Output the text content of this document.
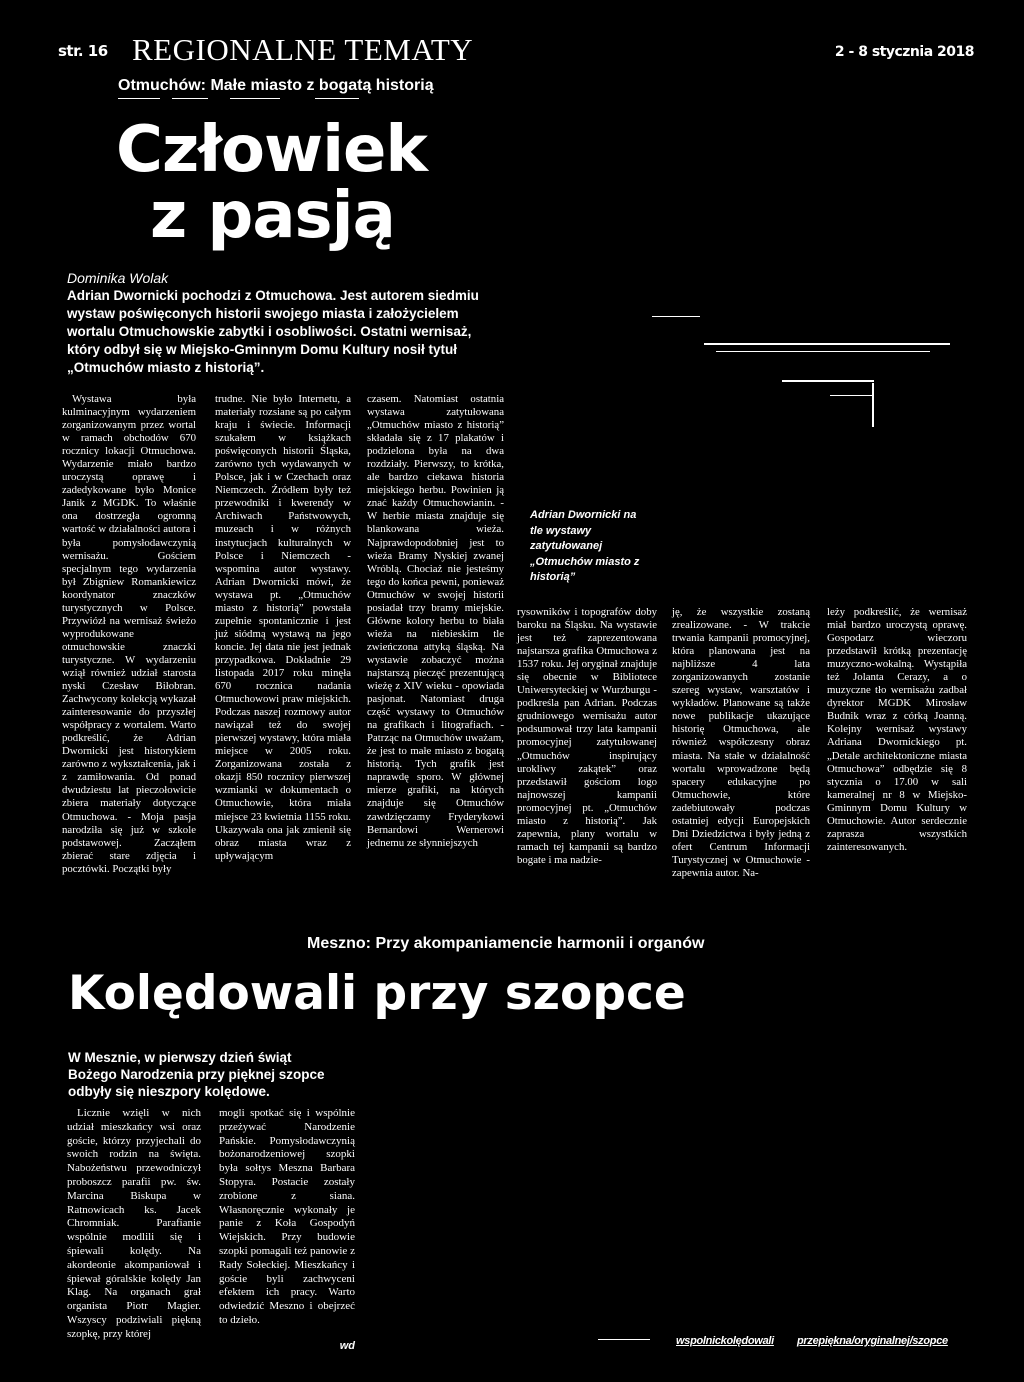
str. 16 REGIONALNE TEMATY	2 - 8 stycznia 2018
Otmuchów: Małe miasto z bogatą historią
Człowiek
z pasją
Dominika Wolak
Adrian Dwornicki pochodzi z Otmuchowa. Jest autorem siedmiu wystaw poświęconych historii swojego miasta i założycielem wortalu Otmuchowskie zabytki i osobliwości. Ostatni wernisaż, który odbył się w Miejsko-Gminnym Domu Kultury nosił tytuł „Otmuchów miasto z historią”.
Adrian Dwornicki na tle wystawy zatytułowanej „Otmuchów miasto z historią”

Wystawa była kulminacyjnym wydarzeniem zorganizowanym przez wortal w ramach obchodów 670 rocznicy lokacji Otmuchowa. Wydarzenie miało bardzo uroczystą oprawę i zadedykowane było Monice Janik z MGDK. To właśnie ona dostrzegła ogromną wartość w działalności autora i była pomysłodawczynią wernisażu. Gościem specjalnym tego wydarzenia był Zbigniew Romankiewicz koordynator znaczków turystycznych w Polsce. Przywiózł na wernisaż świeżo wyprodukowane otmuchowskie znaczki turystyczne. W wydarzeniu wziął również udział starosta nyski Czesław Biłobran. Zachwycony kolekcją wykazał zainteresowanie do przyszłej współpracy z wortalem. Warto podkreślić, że Adrian Dwornicki jest historykiem zarówno z wykształcenia, jak i z zamiłowania. Od ponad dwudziestu lat pieczołowicie zbiera materiały dotyczące Otmuchowa. - Moja pasja narodziła się już w szkole podstawowej. Zacząłem zbierać stare zdjęcia i pocztówki. Początki były

trudne. Nie było Internetu, a materiały rozsiane są po całym kraju i świecie. Informacji szukałem w książkach poświęconych historii Śląska, zarówno tych wydawanych w Polsce, jak i w Czechach oraz Niemczech. Źródłem były też przewodniki i kwerendy w Archiwach Państwowych, muzeach i w różnych instytucjach kulturalnych w Polsce i Niemczech - wspomina autor wystawy. Adrian Dwornicki mówi, że wystawa pt. „Otmuchów miasto z historią” powstała zupełnie spontanicznie i jest już siódmą wystawą na jego koncie. Jej data nie jest jednak przypadkowa. Dokładnie 29 listopada 2017 roku minęła 670 rocznica nadania Otmuchowowi praw miejskich. Podczas naszej rozmowy autor nawiązał też do swojej pierwszej wystawy, która miała miejsce w 2005 roku. Zorganizowana została z okazji 850 rocznicy pierwszej wzmianki w dokumentach o Otmuchowie, która miała miejsce 23 kwietnia 1155 roku. Ukazywała ona jak zmienił się obraz miasta wraz z upływającym

czasem. Natomiast ostatnia wystawa zatytułowana „Otmuchów miasto z historią” składała się z 17 plakatów i podzielona była na dwa rozdziały. Pierwszy, to krótka, ale bardzo ciekawa historia miejskiego herbu. Powinien ją znać każdy Otmuchowianin. - W herbie miasta znajduje się blankowana wieża. Najprawdopodobniej jest to wieża Bramy Nyskiej zwanej Wróblą. Chociaż nie jesteśmy tego do końca pewni, ponieważ Otmuchów w swojej historii posiadał trzy bramy miejskie. Główne kolory herbu to biała wieża na niebieskim tle zwieńczona attyką śląską. Na wystawie zobaczyć można najstarszą pieczęć prezentującą wieżę z XIV wieku - opowiada pasjonat. Natomiast druga część wystawy to Otmuchów na grafikach i litografiach. - Patrząc na Otmuchów uważam, że jest to małe miasto z bogatą historią. Tych grafik jest naprawdę sporo. W głównej mierze grafiki, na których znajduje się Otmuchów zawdzięczamy Fryderykowi Bernardowi Wernerowi jednemu ze słynniejszych

rysowników i topografów doby baroku na Śląsku. Na wystawie jest też zaprezentowana najstarsza grafika Otmuchowa z 1537 roku. Jej oryginał znajduje się obecnie w Bibliotece Uniwersyteckiej w Wurzburgu - podkreśla pan Adrian. Podczas grudniowego wernisażu autor podsumował trzy lata kampanii promocyjnej zatytułowanej „Otmuchów inspirujący urokliwy zakątek” oraz przedstawił gościom logo najnowszej kampanii promocyjnej pt. „Otmuchów miasto z historią”. Jak zapewnia, plany wortalu w ramach tej kampanii są bardzo bogate i ma nadzie-

ję, że wszystkie zostaną zrealizowane. - W trakcie trwania kampanii promocyjnej, która planowana jest na najbliższe 4 lata zorganizowanych zostanie szereg wystaw, warsztatów i wykładów. Planowane są także nowe publikacje ukazujące historię Otmuchowa, ale również współczesny obraz miasta. Na stałe w działalność wortalu wprowadzone będą spacery edukacyjne po Otmuchowie, które zadebiutowały podczas ostatniej edycji Europejskich Dni Dziedzictwa i były jedną z ofert Centrum Informacji Turystycznej w Otmuchowie - zapewnia autor. Na-

leży podkreślić, że wernisaż miał bardzo uroczystą oprawę. Gospodarz wieczoru przedstawił krótką prezentację muzyczno-wokalną. Wystąpiła też Jolanta Cerazy, a o muzyczne tło wernisażu zadbał dyrektor MGDK Mirosław Budnik wraz z córką Joanną. Kolejny wernisaż wystawy Adriana Dwornickiego pt. „Detale architektoniczne miasta Otmuchowa” odbędzie się 8 stycznia o 17.00 w sali kameralnej nr 8 w Miejsko-Gminnym Domu Kultury w Otmuchowie. Autor serdecznie zaprasza wszystkich zainteresowanych.

Meszno: Przy akompaniamencie harmonii i organów
Kolędowali przy szopce
W Mesznie, w pierwszy dzień świąt Bożego Narodzenia przy pięknej szopce odbyły się nieszpory kolędowe.

Licznie wzięli w nich udział mieszkańcy wsi oraz goście, którzy przyjechali do swoich rodzin na święta. Nabożeństwu przewodniczył proboszcz parafii pw. św. Marcina Biskupa w Ratnowicach ks. Jacek Chromniak. Parafianie wspólnie modlili się i śpiewali kolędy. Na akordeonie akompaniował i śpiewał góralskie kolędy Jan Klag. Na organach grał organista Piotr Magier. Wszyscy podziwiali piękną szopkę, przy której

mogli spotkać się i wspólnie przeżywać Narodzenie Pańskie. Pomysłodawczynią bożonarodzeniowej szopki była sołtys Meszna Barbara Stopyra. Postacie zostały zrobione z siana. Własnoręcznie wykonały je panie z Koła Gospodyń Wiejskich. Przy budowie szopki pomagali też panowie z Rady Sołeckiej. Mieszkańcy i goście byli zachwyceni efektem ich pracy. Warto odwiedzić Meszno i obejrzeć to dzieło.

wd	wspolnickolędowali przepiękna/oryginalnej/szopce
